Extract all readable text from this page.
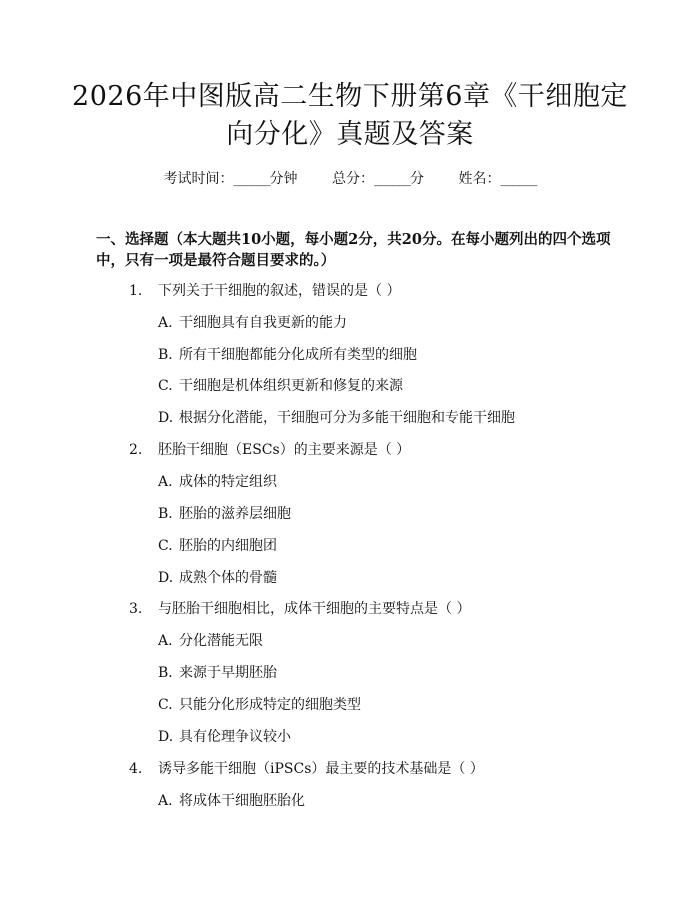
2026年中图版高二生物下册第6章《干细胞定向分化》真题及答案
考试时间：______分钟 总分：______分 姓名：______

一、选择题（本大题共10小题，每小题2分，共20分。在每小题列出的四个选项中，只有一项是最符合题目要求的。）

1. 下列关于干细胞的叙述，错误的是（ ）
A. 干细胞具有自我更新的能力
B. 所有干细胞都能分化成所有类型的细胞
C. 干细胞是机体组织更新和修复的来源
D. 根据分化潜能，干细胞可分为多能干细胞和专能干细胞
2. 胚胎干细胞（ESCs）的主要来源是（ ）
A. 成体的特定组织
B. 胚胎的滋养层细胞
C. 胚胎的内细胞团
D. 成熟个体的骨髓
3. 与胚胎干细胞相比，成体干细胞的主要特点是（ ）
A. 分化潜能无限
B. 来源于早期胚胎
C. 只能分化形成特定的细胞类型
D. 具有伦理争议较小
4. 诱导多能干细胞（iPSCs）最主要的技术基础是（ ）
A. 将成体干细胞胚胎化
